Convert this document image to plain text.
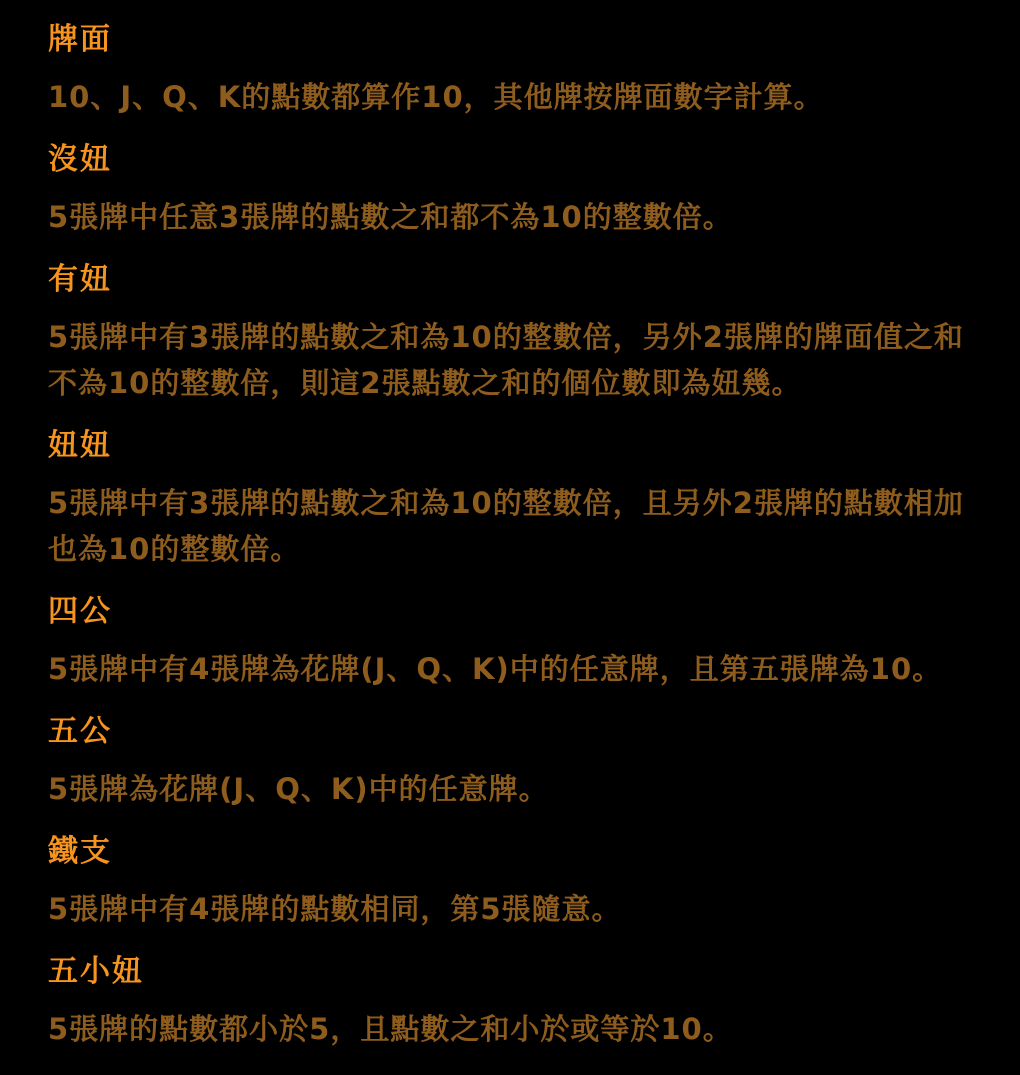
牌面
10、J、Q、K的點數都算作10，其他牌按牌面數字計算。
沒妞
5張牌中任意3張牌的點數之和都不為10的整數倍。
有妞
5張牌中有3張牌的點數之和為10的整數倍，另外2張牌的牌面值之和不為10的整數倍，則這2張點數之和的個位數即為妞幾。
妞妞
5張牌中有3張牌的點數之和為10的整數倍，且另外2張牌的點數相加也為10的整數倍。
四公
5張牌中有4張牌為花牌(J、Q、K)中的任意牌，且第五張牌為10。
五公
5張牌為花牌(J、Q、K)中的任意牌。
鐵支
5張牌中有4張牌的點數相同，第5張隨意。
五小妞
5張牌的點數都小於5，且點數之和小於或等於10。
